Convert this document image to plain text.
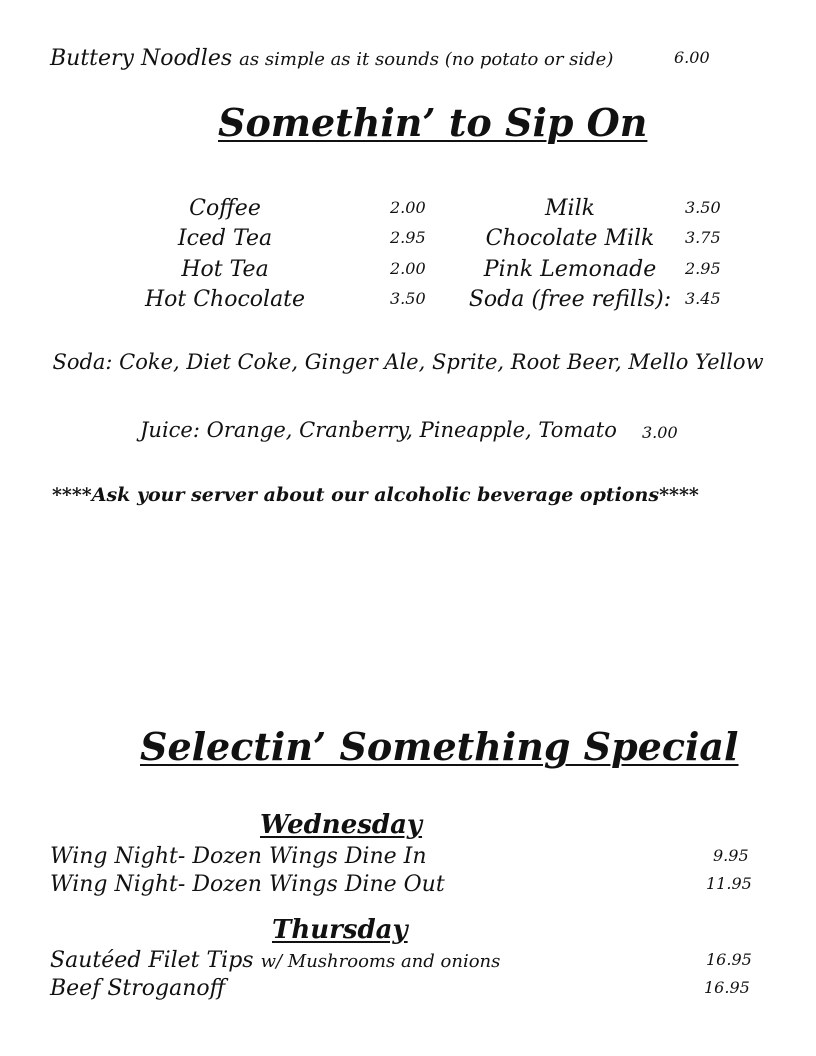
Buttery Noodles as simple as it sounds (no potato or side)	6.00
Somethin’ to Sip On
Coffee	2.00
Iced Tea	2.95
Hot Tea	2.00
Hot Chocolate	3.50
Milk	3.50
Chocolate Milk	3.75
Pink Lemonade	2.95
Soda (free refills): 3.45
Soda: Coke, Diet Coke, Ginger Ale, Sprite, Root Beer, Mello Yellow
Juice: Orange, Cranberry, Pineapple, Tomato 3.00
****Ask your server about our alcoholic beverage options****
Selectin’ Something Special
Wednesday
Wing Night- Dozen Wings Dine In	9.95
Wing Night- Dozen Wings Dine Out	11.95
Thursday
Sautéed Filet Tips w/ Mushrooms and onions	16.95
Beef Stroganoff	16.95
